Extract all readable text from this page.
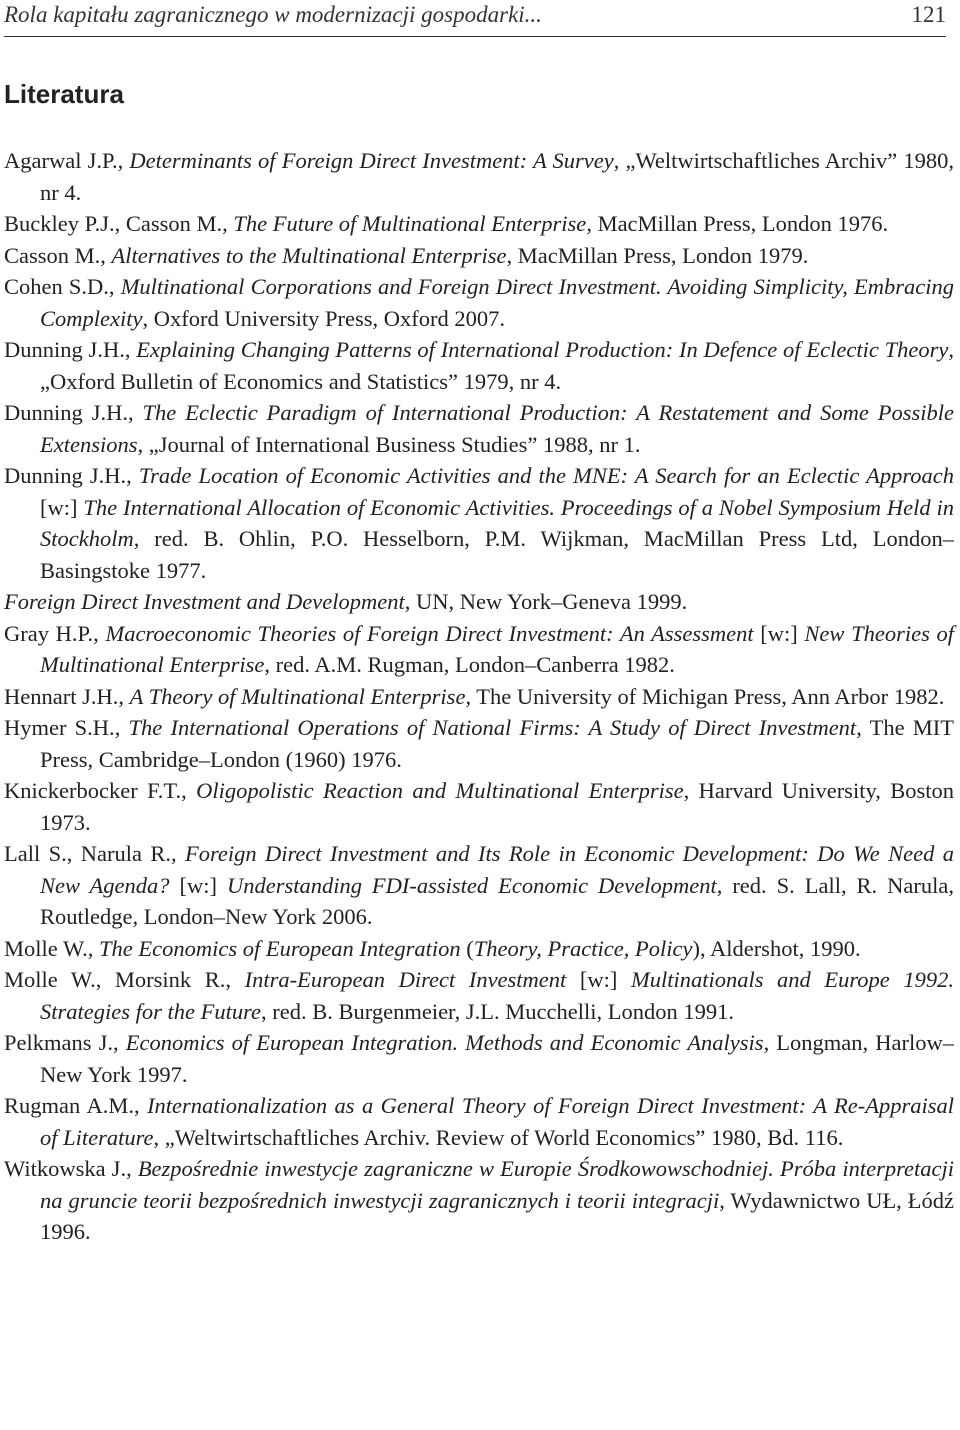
Rola kapitału zagranicznego w modernizacji gospodarki...	121
Literatura

Agarwal J.P., Determinants of Foreign Direct Investment: A Survey, „Weltwirtschaftliches Archiv” 1980, nr 4.

Buckley P.J., Casson M., The Future of Multinational Enterprise, MacMillan Press, London 1976.

Casson M., Alternatives to the Multinational Enterprise, MacMillan Press, London 1979.

Cohen S.D., Multinational Corporations and Foreign Direct Investment. Avoiding Simplicity, Embracing Complexity, Oxford University Press, Oxford 2007.

Dunning J.H., Explaining Changing Patterns of International Production: In Defence of Eclectic Theory, „Oxford Bulletin of Economics and Statistics” 1979, nr 4.

Dunning J.H., The Eclectic Paradigm of International Production: A Restatement and Some Possible Extensions, „Journal of International Business Studies” 1988, nr 1.

Dunning J.H., Trade Location of Economic Activities and the MNE: A Search for an Eclectic Approach [w:] The International Allocation of Economic Activities. Proceedings of a Nobel Symposium Held in Stockholm, red. B. Ohlin, P.O. Hesselborn, P.M. Wijkman, MacMillan Press Ltd, London–Basingstoke 1977.

Foreign Direct Investment and Development, UN, New York–Geneva 1999.

Gray H.P., Macroeconomic Theories of Foreign Direct Investment: An Assessment [w:] New Theories of Multinational Enterprise, red. A.M. Rugman, London–Canberra 1982.

Hennart J.H., A Theory of Multinational Enterprise, The University of Michigan Press, Ann Arbor 1982.

Hymer S.H., The International Operations of National Firms: A Study of Direct Investment, The MIT Press, Cambridge–London (1960) 1976.

Knickerbocker F.T., Oligopolistic Reaction and Multinational Enterprise, Harvard University, Boston 1973.

Lall S., Narula R., Foreign Direct Investment and Its Role in Economic Development: Do We Need a New Agenda? [w:] Understanding FDI-assisted Economic Development, red. S. Lall, R. Narula, Routledge, London–New York 2006.

Molle W., The Economics of European Integration (Theory, Practice, Policy), Aldershot, 1990.

Molle W., Morsink R., Intra-European Direct Investment [w:] Multinationals and Europe 1992. Strategies for the Future, red. B. Burgenmeier, J.L. Mucchelli, London 1991.

Pelkmans J., Economics of European Integration. Methods and Economic Analysis, Longman, Harlow–New York 1997.

Rugman A.M., Internationalization as a General Theory of Foreign Direct Investment: A Re-Appraisal of Literature, „Weltwirtschaftliches Archiv. Review of World Economics” 1980, Bd. 116.

Witkowska J., Bezpośrednie inwestycje zagraniczne w Europie Środkowowschodniej. Próba interpretacji na gruncie teorii bezpośrednich inwestycji zagranicznych i teorii integracji, Wydawnictwo UŁ, Łódź 1996.
